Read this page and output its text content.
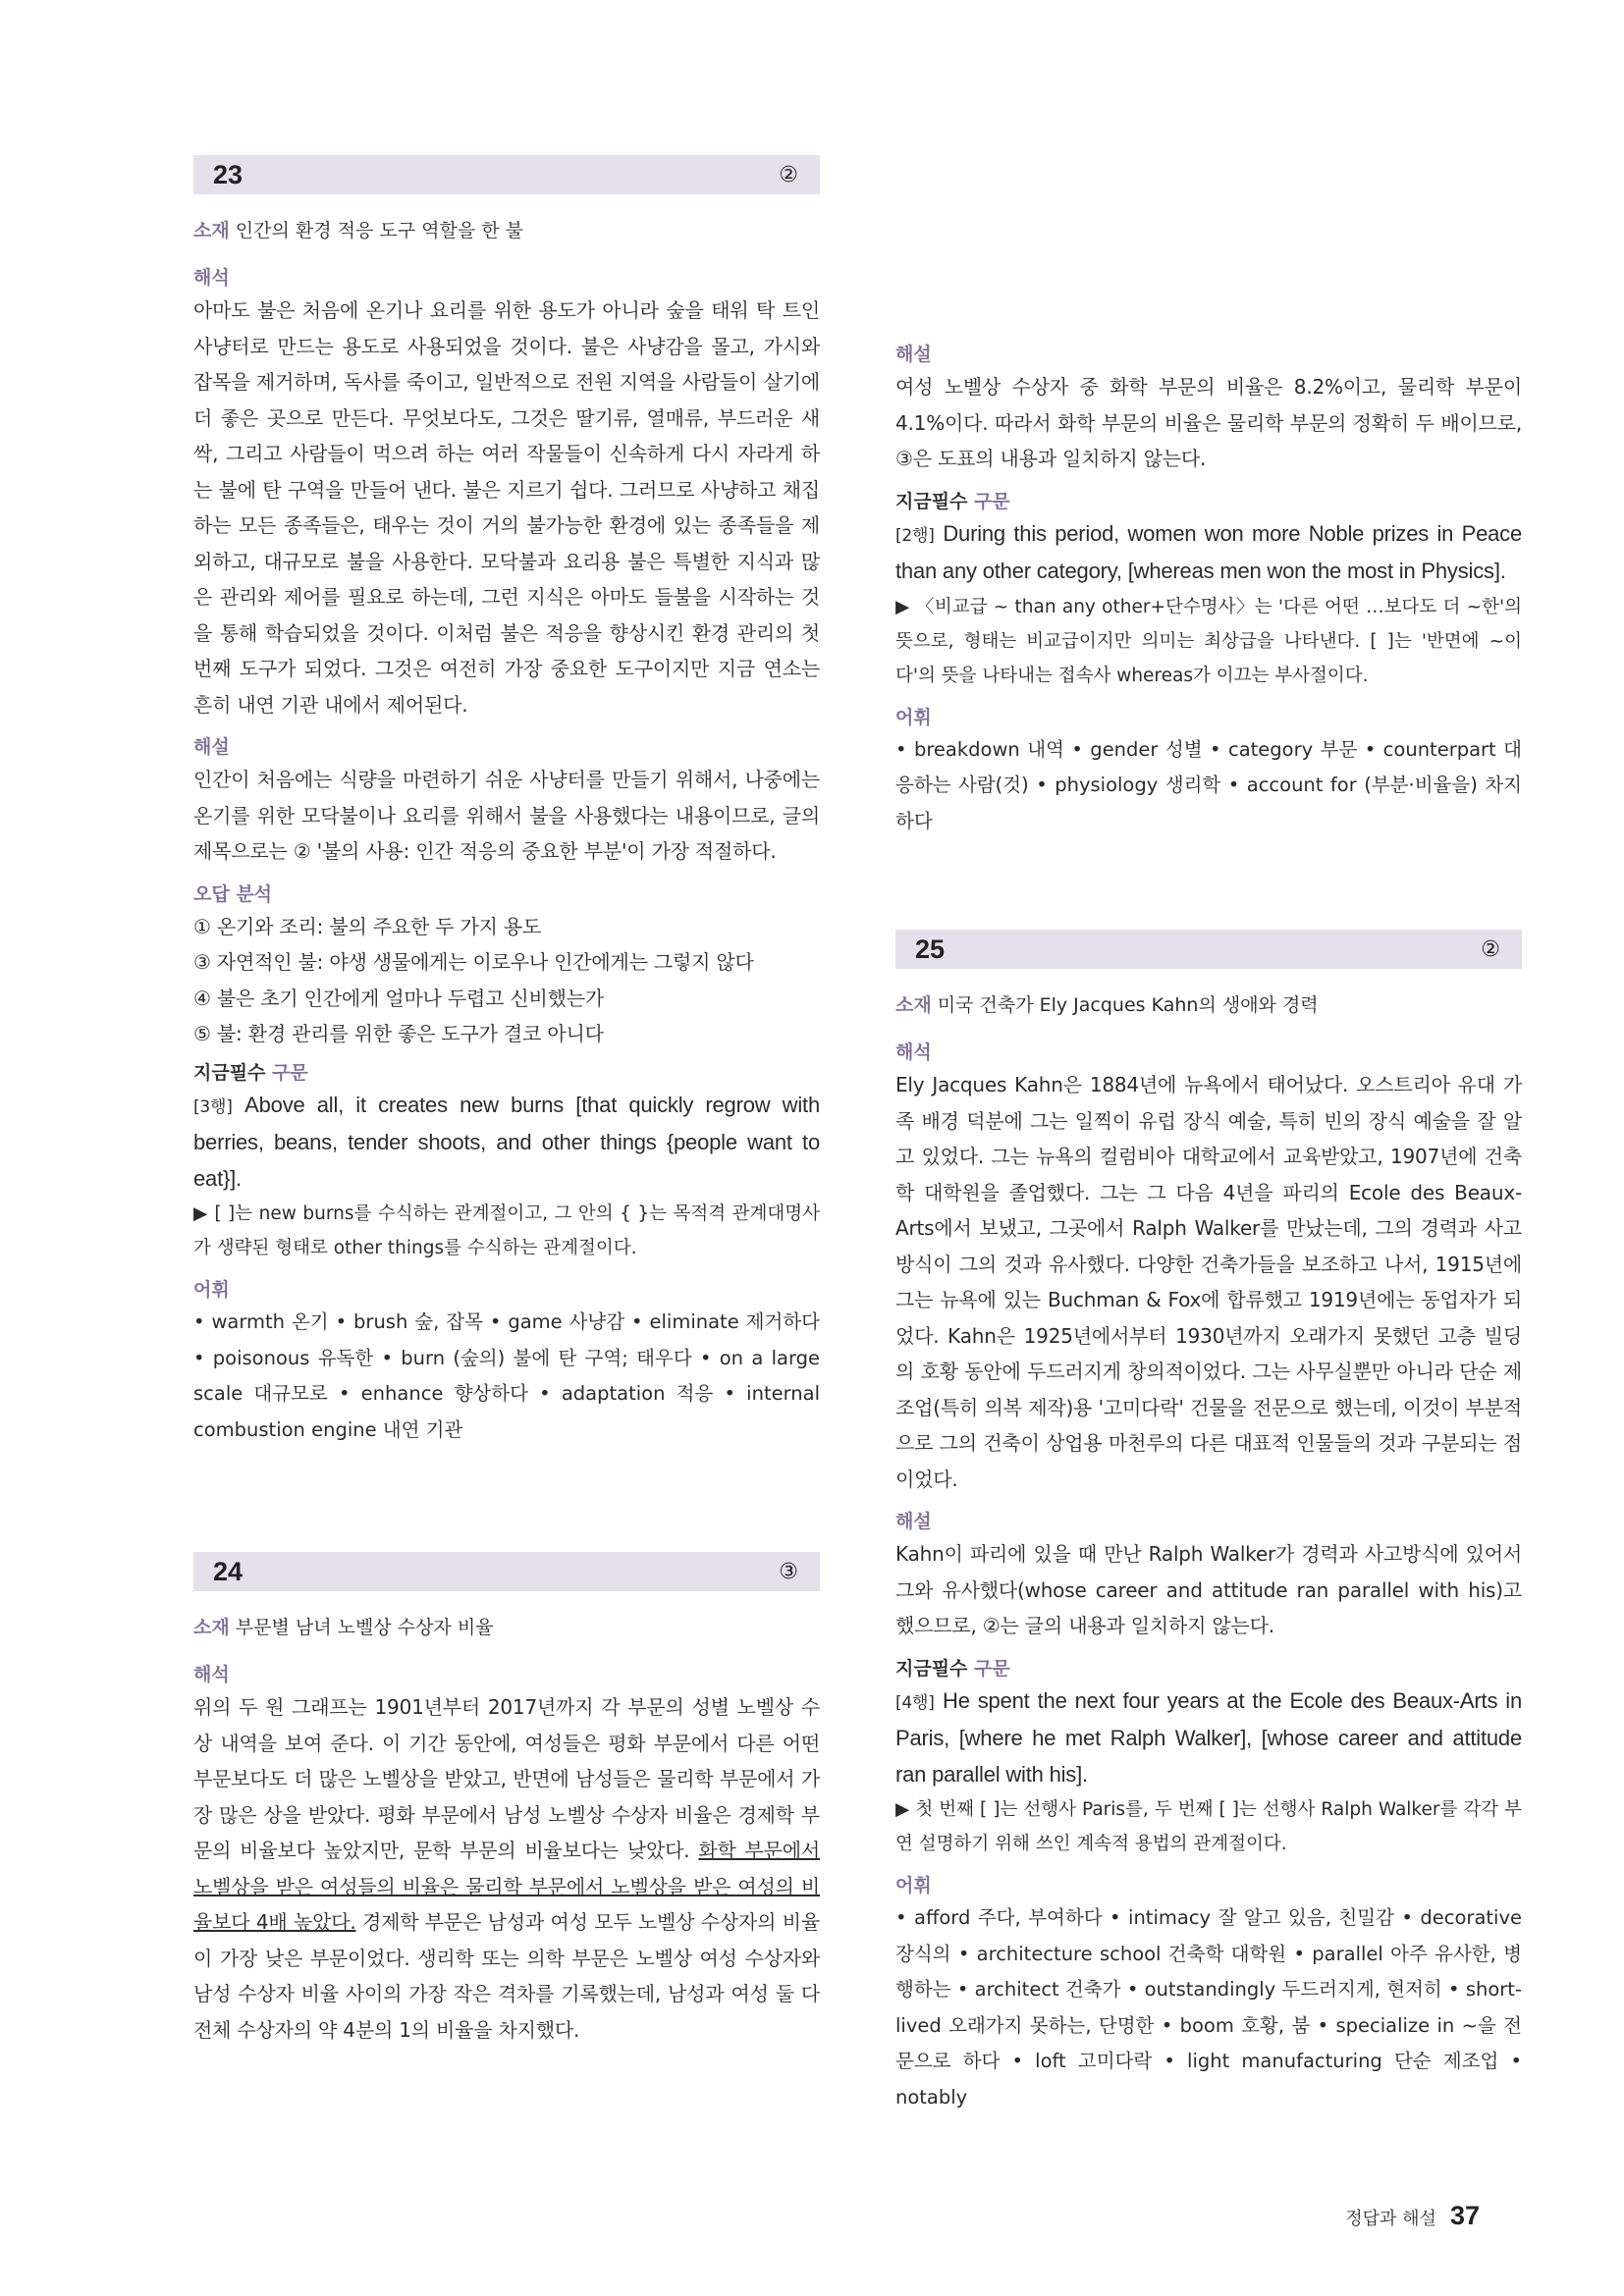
23	②
소재 인간의 환경 적응 도구 역할을 한 불
해석

아마도 불은 처음에 온기나 요리를 위한 용도가 아니라 숲을 태워 탁 트인 사냥터로 만드는 용도로 사용되었을 것이다. 불은 사냥감을 몰고, 가시와 잡목을 제거하며, 독사를 죽이고, 일반적으로 전원 지역을 사람들이 살기에 더 좋은 곳으로 만든다. 무엇보다도, 그것은 딸기류, 열매류, 부드러운 새싹, 그리고 사람들이 먹으려 하는 여러 작물들이 신속하게 다시 자라게 하는 불에 탄 구역을 만들어 낸다. 불은 지르기 쉽다. 그러므로 사냥하고 채집하는 모든 종족들은, 태우는 것이 거의 불가능한 환경에 있는 종족들을 제외하고, 대규모로 불을 사용한다. 모닥불과 요리용 불은 특별한 지식과 많은 관리와 제어를 필요로 하는데, 그런 지식은 아마도 들불을 시작하는 것을 통해 학습되었을 것이다. 이처럼 불은 적응을 향상시킨 환경 관리의 첫 번째 도구가 되었다. 그것은 여전히 가장 중요한 도구이지만 지금 연소는 흔히 내연 기관 내에서 제어된다.

해설

인간이 처음에는 식량을 마련하기 쉬운 사냥터를 만들기 위해서, 나중에는 온기를 위한 모닥불이나 요리를 위해서 불을 사용했다는 내용이므로, 글의 제목으로는 ② '불의 사용: 인간 적응의 중요한 부분'이 가장 적절하다.

오답 분석
① 온기와 조리: 불의 주요한 두 가지 용도
③ 자연적인 불: 야생 생물에게는 이로우나 인간에게는 그렇지 않다
④ 불은 초기 인간에게 얼마나 두렵고 신비했는가
⑤ 불: 환경 관리를 위한 좋은 도구가 결코 아니다
지금필수 구문

[3행] Above all, it creates new burns [that quickly regrow with berries, beans, tender shoots, and other things {people want to eat}].

▶ [ ]는 new burns를 수식하는 관계절이고, 그 안의 { }는 목적격 관계대명사가 생략된 형태로 other things를 수식하는 관계절이다.

어휘

• warmth 온기 • brush 숲, 잡목 • game 사냥감 • eliminate 제거하다 • poisonous 유독한 • burn (숲의) 불에 탄 구역; 태우다 • on a large scale 대규모로 • enhance 향상하다 • adaptation 적응 • internal combustion engine 내연 기관

24	③
소재 부문별 남녀 노벨상 수상자 비율
해석

위의 두 원 그래프는 1901년부터 2017년까지 각 부문의 성별 노벨상 수상 내역을 보여 준다. 이 기간 동안에, 여성들은 평화 부문에서 다른 어떤 부문보다도 더 많은 노벨상을 받았고, 반면에 남성들은 물리학 부문에서 가장 많은 상을 받았다. 평화 부문에서 남성 노벨상 수상자 비율은 경제학 부문의 비율보다 높았지만, 문학 부문의 비율보다는 낮았다. 화학 부문에서 노벨상을 받은 여성들의 비율은 물리학 부문에서 노벨상을 받은 여성의 비율보다 4배 높았다. 경제학 부문은 남성과 여성 모두 노벨상 수상자의 비율이 가장 낮은 부문이었다. 생리학 또는 의학 부문은 노벨상 여성 수상자와 남성 수상자 비율 사이의 가장 작은 격차를 기록했는데, 남성과 여성 둘 다 전체 수상자의 약 4분의 1의 비율을 차지했다.

해설

여성 노벨상 수상자 중 화학 부문의 비율은 8.2%이고, 물리학 부문이 4.1%이다. 따라서 화학 부문의 비율은 물리학 부문의 정확히 두 배이므로, ③은 도표의 내용과 일치하지 않는다.

지금필수 구문

[2행] During this period, women won more Noble prizes in Peace than any other category, [whereas men won the most in Physics].

▶ 〈비교급 ~ than any other+단수명사〉는 '다른 어떤 …보다도 더 ~한'의 뜻으로, 형태는 비교급이지만 의미는 최상급을 나타낸다. [ ]는 '반면에 ~이다'의 뜻을 나타내는 접속사 whereas가 이끄는 부사절이다.

어휘

• breakdown 내역 • gender 성별 • category 부문 • counterpart 대응하는 사람(것) • physiology 생리학 • account for (부분·비율을) 차지하다

25	②
소재 미국 건축가 Ely Jacques Kahn의 생애와 경력
해석

Ely Jacques Kahn은 1884년에 뉴욕에서 태어났다. 오스트리아 유대 가족 배경 덕분에 그는 일찍이 유럽 장식 예술, 특히 빈의 장식 예술을 잘 알고 있었다. 그는 뉴욕의 컬럼비아 대학교에서 교육받았고, 1907년에 건축학 대학원을 졸업했다. 그는 그 다음 4년을 파리의 Ecole des Beaux-Arts에서 보냈고, 그곳에서 Ralph Walker를 만났는데, 그의 경력과 사고방식이 그의 것과 유사했다. 다양한 건축가들을 보조하고 나서, 1915년에 그는 뉴욕에 있는 Buchman & Fox에 합류했고 1919년에는 동업자가 되었다. Kahn은 1925년에서부터 1930년까지 오래가지 못했던 고층 빌딩의 호황 동안에 두드러지게 창의적이었다. 그는 사무실뿐만 아니라 단순 제조업(특히 의복 제작)용 '고미다락' 건물을 전문으로 했는데, 이것이 부분적으로 그의 건축이 상업용 마천루의 다른 대표적 인물들의 것과 구분되는 점이었다.

해설

Kahn이 파리에 있을 때 만난 Ralph Walker가 경력과 사고방식에 있어서 그와 유사했다(whose career and attitude ran parallel with his)고 했으므로, ②는 글의 내용과 일치하지 않는다.

지금필수 구문

[4행] He spent the next four years at the Ecole des Beaux-Arts in Paris, [where he met Ralph Walker], [whose career and attitude ran parallel with his].

▶ 첫 번째 [ ]는 선행사 Paris를, 두 번째 [ ]는 선행사 Ralph Walker를 각각 부연 설명하기 위해 쓰인 계속적 용법의 관계절이다.

어휘

• afford 주다, 부여하다 • intimacy 잘 알고 있음, 친밀감 • decorative 장식의 • architecture school 건축학 대학원 • parallel 아주 유사한, 병행하는 • architect 건축가 • outstandingly 두드러지게, 현저히 • short-lived 오래가지 못하는, 단명한 • boom 호황, 붐 • specialize in ~을 전문으로 하다 • loft 고미다락 • light manufacturing 단순 제조업 • notably

정답과 해설 37
